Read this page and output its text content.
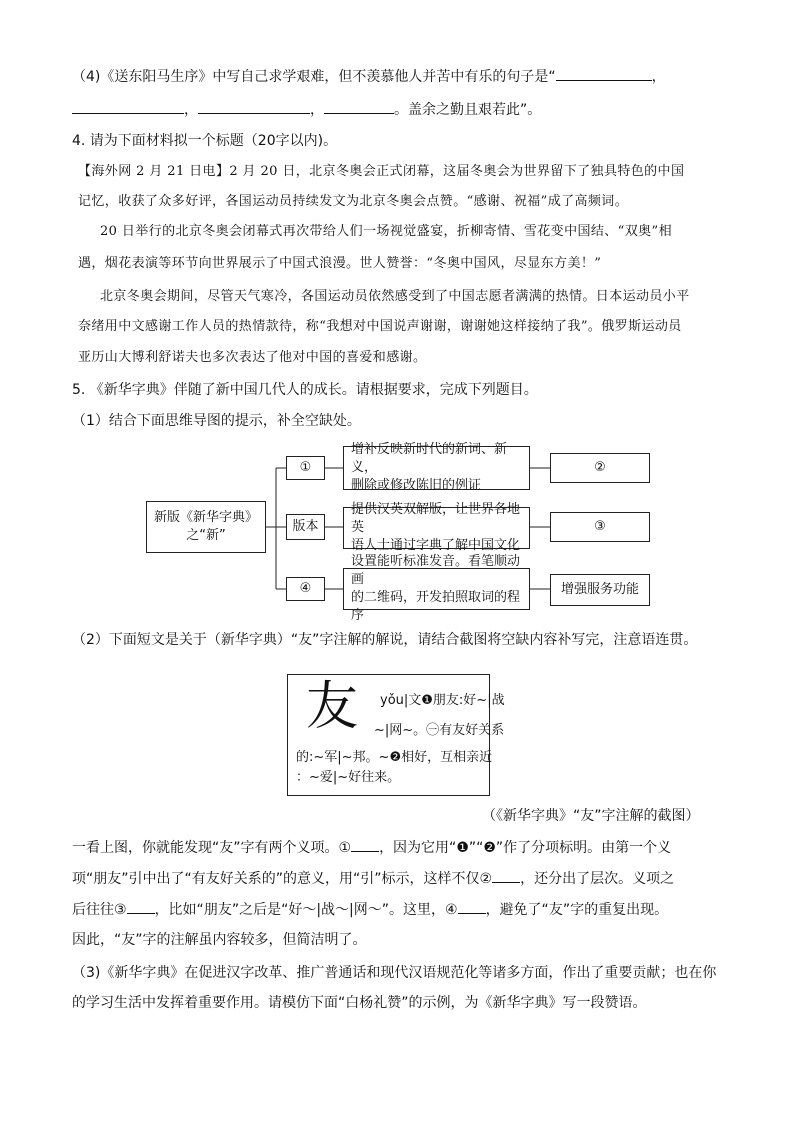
（4)《送东阳马生序》中写自己求学艰难，但不羡慕他人并苦中有乐的句子是“	，
，	，	。盖余之勤且艰若此”。
4. 请为下面材料拟一个标题（20字以内)。
【海外网 2 月 21 日电】2 月 20 日，北京冬奥会正式闭幕，这届冬奥会为世界留下了独具特色的中国
记忆，收获了众多好评，各国运动员持续发文为北京冬奥会点赞。“感谢、祝福”成了高频词。
20 日举行的北京冬奥会闭幕式再次带给人们一场视觉盛宴，折柳寄情、雪花变中国结、“双奥”相
遇，烟花表演等环节向世界展示了中国式浪漫。世人赞誉：“冬奥中国风，尽显东方美！”
北京冬奥会期间，尽管天气寒冷，各国运动员依然感受到了中国志愿者满满的热情。日本运动员小平
奈绪用中文感谢工作人员的热情款待，称“我想对中国说声谢谢，谢谢她这样接纳了我”。俄罗斯运动员
亚历山大博利舒诺夫也多次表达了他对中国的喜爱和感谢。
5. 《新华字典》伴随了新中国几代人的成长。请根据要求，完成下列题目。
（1）结合下面思维导图的提示，补全空缺处。
新版《新华字典》
之“新”
①
增补反映新时代的新词、新义，
删除或修改陈旧的例证
②
版本
提供汉英双解版，让世界各地英
语人士通过字典了解中国文化
③
④
设置能听标准发音。看笔顺动画
的二维码，开发拍照取词的程序
增强服务功能
（2）下面短文是关于（新华字典）“友”字注解的解说，请结合截图将空缺内容补写完，注意语连贯。
友 yǒu|文❶朋友:好~|战
~|网~。㊀有友好关系
的:~军|~邦。~❷相好，互相亲近
：~爱|~好往来。
（《新华字典》“友”字注解的截图）
一看上图，你就能发现“友”字有两个义项。① ，因为它用“❶”“❷”作了分项标明。由第一个义
项“朋友”引中出了“有友好关系的”的意义，用“引”标示，这样不仅② ，还分出了层次。义项之
后往往③ ，比如“朋友”之后是“好～|战～|网～”。这里，④ ，避免了“友”字的重复出现。
因此，“友”字的注解虽内容较多，但简洁明了。
（3)《新华字典》在促进汉字改革、推广普通话和现代汉语规范化等诸多方面，作出了重要贡献；也在你
的学习生活中发挥着重要作用。请模仿下面“白杨礼赞”的示例，为《新华字典》写一段赞语。
